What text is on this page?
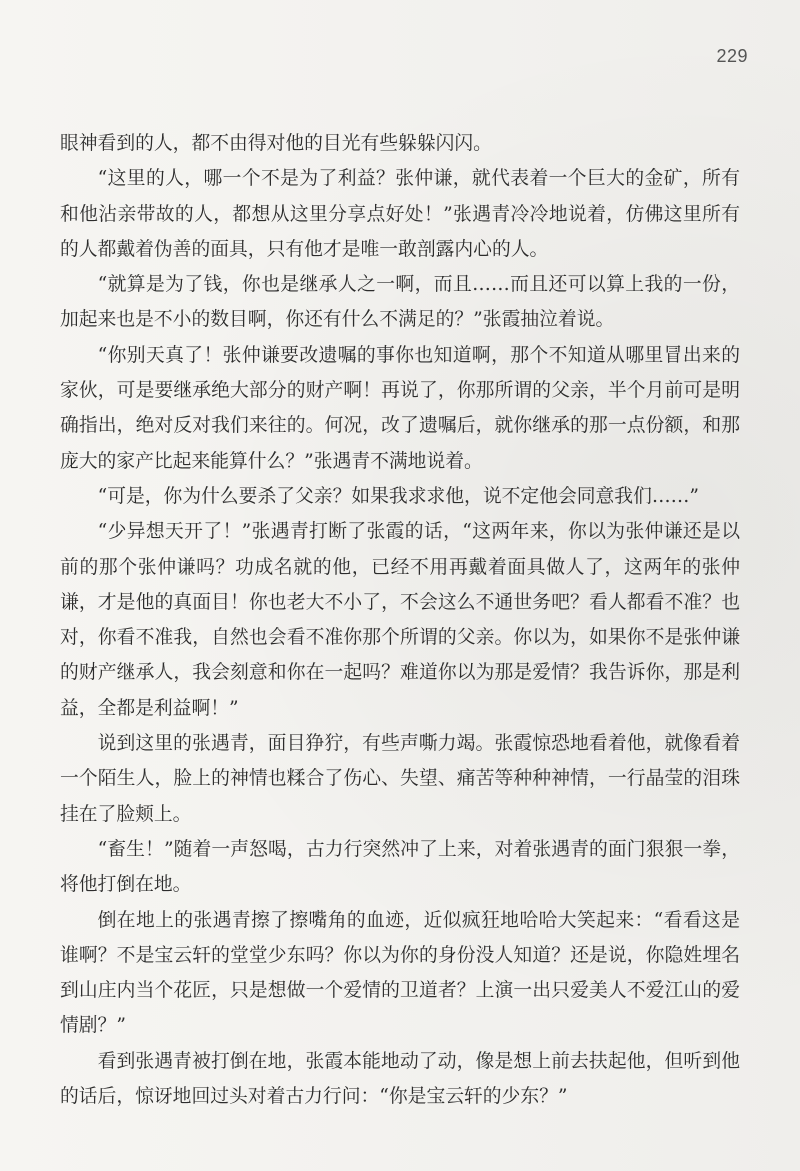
229

眼神看到的人，都不由得对他的目光有些躲躲闪闪。

“这里的人，哪一个不是为了利益？张仲谦，就代表着一个巨大的金矿，所有和他沾亲带故的人，都想从这里分享点好处！”张遇青冷冷地说着，仿佛这里所有的人都戴着伪善的面具，只有他才是唯一敢剖露内心的人。

“就算是为了钱，你也是继承人之一啊，而且……而且还可以算上我的一份，加起来也是不小的数目啊，你还有什么不满足的？”张霞抽泣着说。

“你别天真了！张仲谦要改遗嘱的事你也知道啊，那个不知道从哪里冒出来的家伙，可是要继承绝大部分的财产啊！再说了，你那所谓的父亲，半个月前可是明确指出，绝对反对我们来往的。何况，改了遗嘱后，就你继承的那一点份额，和那庞大的家产比起来能算什么？”张遇青不满地说着。

“可是，你为什么要杀了父亲？如果我求求他，说不定他会同意我们……”

“少异想天开了！”张遇青打断了张霞的话，“这两年来，你以为张仲谦还是以前的那个张仲谦吗？功成名就的他，已经不用再戴着面具做人了，这两年的张仲谦，才是他的真面目！你也老大不小了，不会这么不通世务吧？看人都看不准？也对，你看不准我，自然也会看不准你那个所谓的父亲。你以为，如果你不是张仲谦的财产继承人，我会刻意和你在一起吗？难道你以为那是爱情？我告诉你，那是利益，全都是利益啊！”

说到这里的张遇青，面目狰狞，有些声嘶力竭。张霞惊恐地看着他，就像看着一个陌生人，脸上的神情也糅合了伤心、失望、痛苦等种种神情，一行晶莹的泪珠挂在了脸颊上。

“畜生！”随着一声怒喝，古力行突然冲了上来，对着张遇青的面门狠狠一拳，将他打倒在地。

倒在地上的张遇青擦了擦嘴角的血迹，近似疯狂地哈哈大笑起来：“看看这是谁啊？不是宝云轩的堂堂少东吗？你以为你的身份没人知道？还是说，你隐姓埋名到山庄内当个花匠，只是想做一个爱情的卫道者？上演一出只爱美人不爱江山的爱情剧？”

看到张遇青被打倒在地，张霞本能地动了动，像是想上前去扶起他，但听到他的话后，惊讶地回过头对着古力行问：“你是宝云轩的少东？”
